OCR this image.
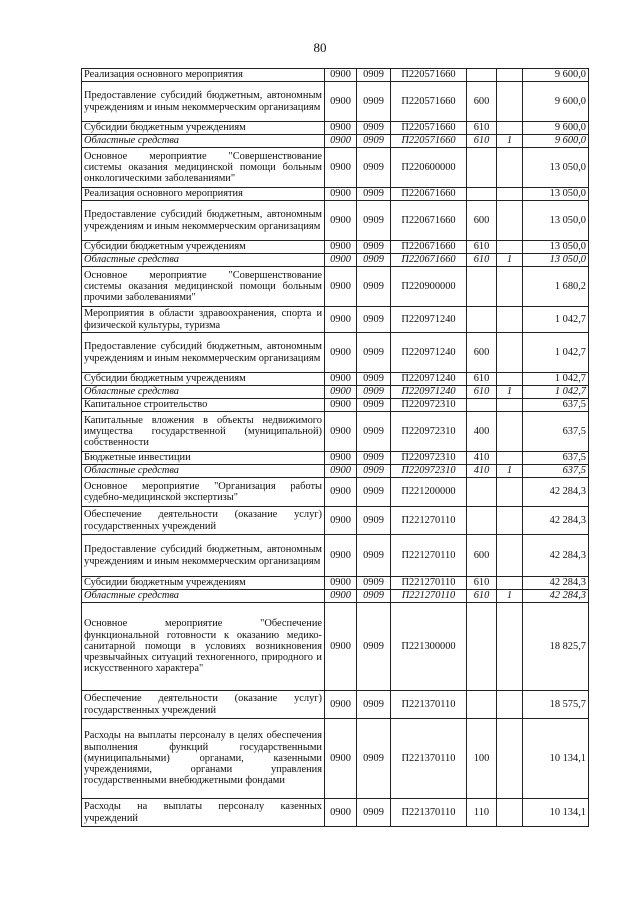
80
Реализация основного мероприятия	0900	0909	П220571660			9 600,0
Предоставление субсидий бюджетным, автономным учреждениям и иным некоммерческим организациям	0900	0909	П220571660	600		9 600,0
Субсидии бюджетным учреждениям	0900	0909	П220571660	610		9 600,0
Областные средства	0900	0909	П220571660	610	1	9 600,0
Основное мероприятие "Совершенствование системы оказания медицинской помощи больным онкологическими заболеваниями"	0900	0909	П220600000			13 050,0
Реализация основного мероприятия	0900	0909	П220671660			13 050,0
Предоставление субсидий бюджетным, автономным учреждениям и иным некоммерческим организациям	0900	0909	П220671660	600		13 050,0
Субсидии бюджетным учреждениям	0900	0909	П220671660	610		13 050,0
Областные средства	0900	0909	П220671660	610	1	13 050,0
Основное мероприятие "Совершенствование системы оказания медицинской помощи больным прочими заболеваниями"	0900	0909	П220900000			1 680,2
Мероприятия в области здравоохранения, спорта и физической культуры, туризма	0900	0909	П220971240			1 042,7
Предоставление субсидий бюджетным, автономным учреждениям и иным некоммерческим организациям	0900	0909	П220971240	600		1 042,7
Субсидии бюджетным учреждениям	0900	0909	П220971240	610		1 042,7
Областные средства	0900	0909	П220971240	610	1	1 042,7
Капитальное строительство	0900	0909	П220972310			637,5
Капитальные вложения в объекты недвижимого имущества государственной (муниципальной) собственности	0900	0909	П220972310	400		637,5
Бюджетные инвестиции	0900	0909	П220972310	410		637,5
Областные средства	0900	0909	П220972310	410	1	637,5
Основное мероприятие "Организация работы судебно-медицинской экспертизы"	0900	0909	П221200000			42 284,3
Обеспечение деятельности (оказание услуг) государственных учреждений	0900	0909	П221270110			42 284,3
Предоставление субсидий бюджетным, автономным учреждениям и иным некоммерческим организациям	0900	0909	П221270110	600		42 284,3
Субсидии бюджетным учреждениям	0900	0909	П221270110	610		42 284,3
Областные средства	0900	0909	П221270110	610	1	42 284,3
Основное мероприятие "Обеспечение функциональной готовности к оказанию медико-санитарной помощи в условиях возникновения чрезвычайных ситуаций техногенного, природного и искусственного характера"	0900	0909	П221300000			18 825,7
Обеспечение деятельности (оказание услуг) государственных учреждений	0900	0909	П221370110			18 575,7
Расходы на выплаты персоналу в целях обеспечения выполнения функций государственными (муниципальными) органами, казенными учреждениями, органами управления государственными внебюджетными фондами	0900	0909	П221370110	100		10 134,1
Расходы на выплаты персоналу казенных учреждений	0900	0909	П221370110	110		10 134,1
